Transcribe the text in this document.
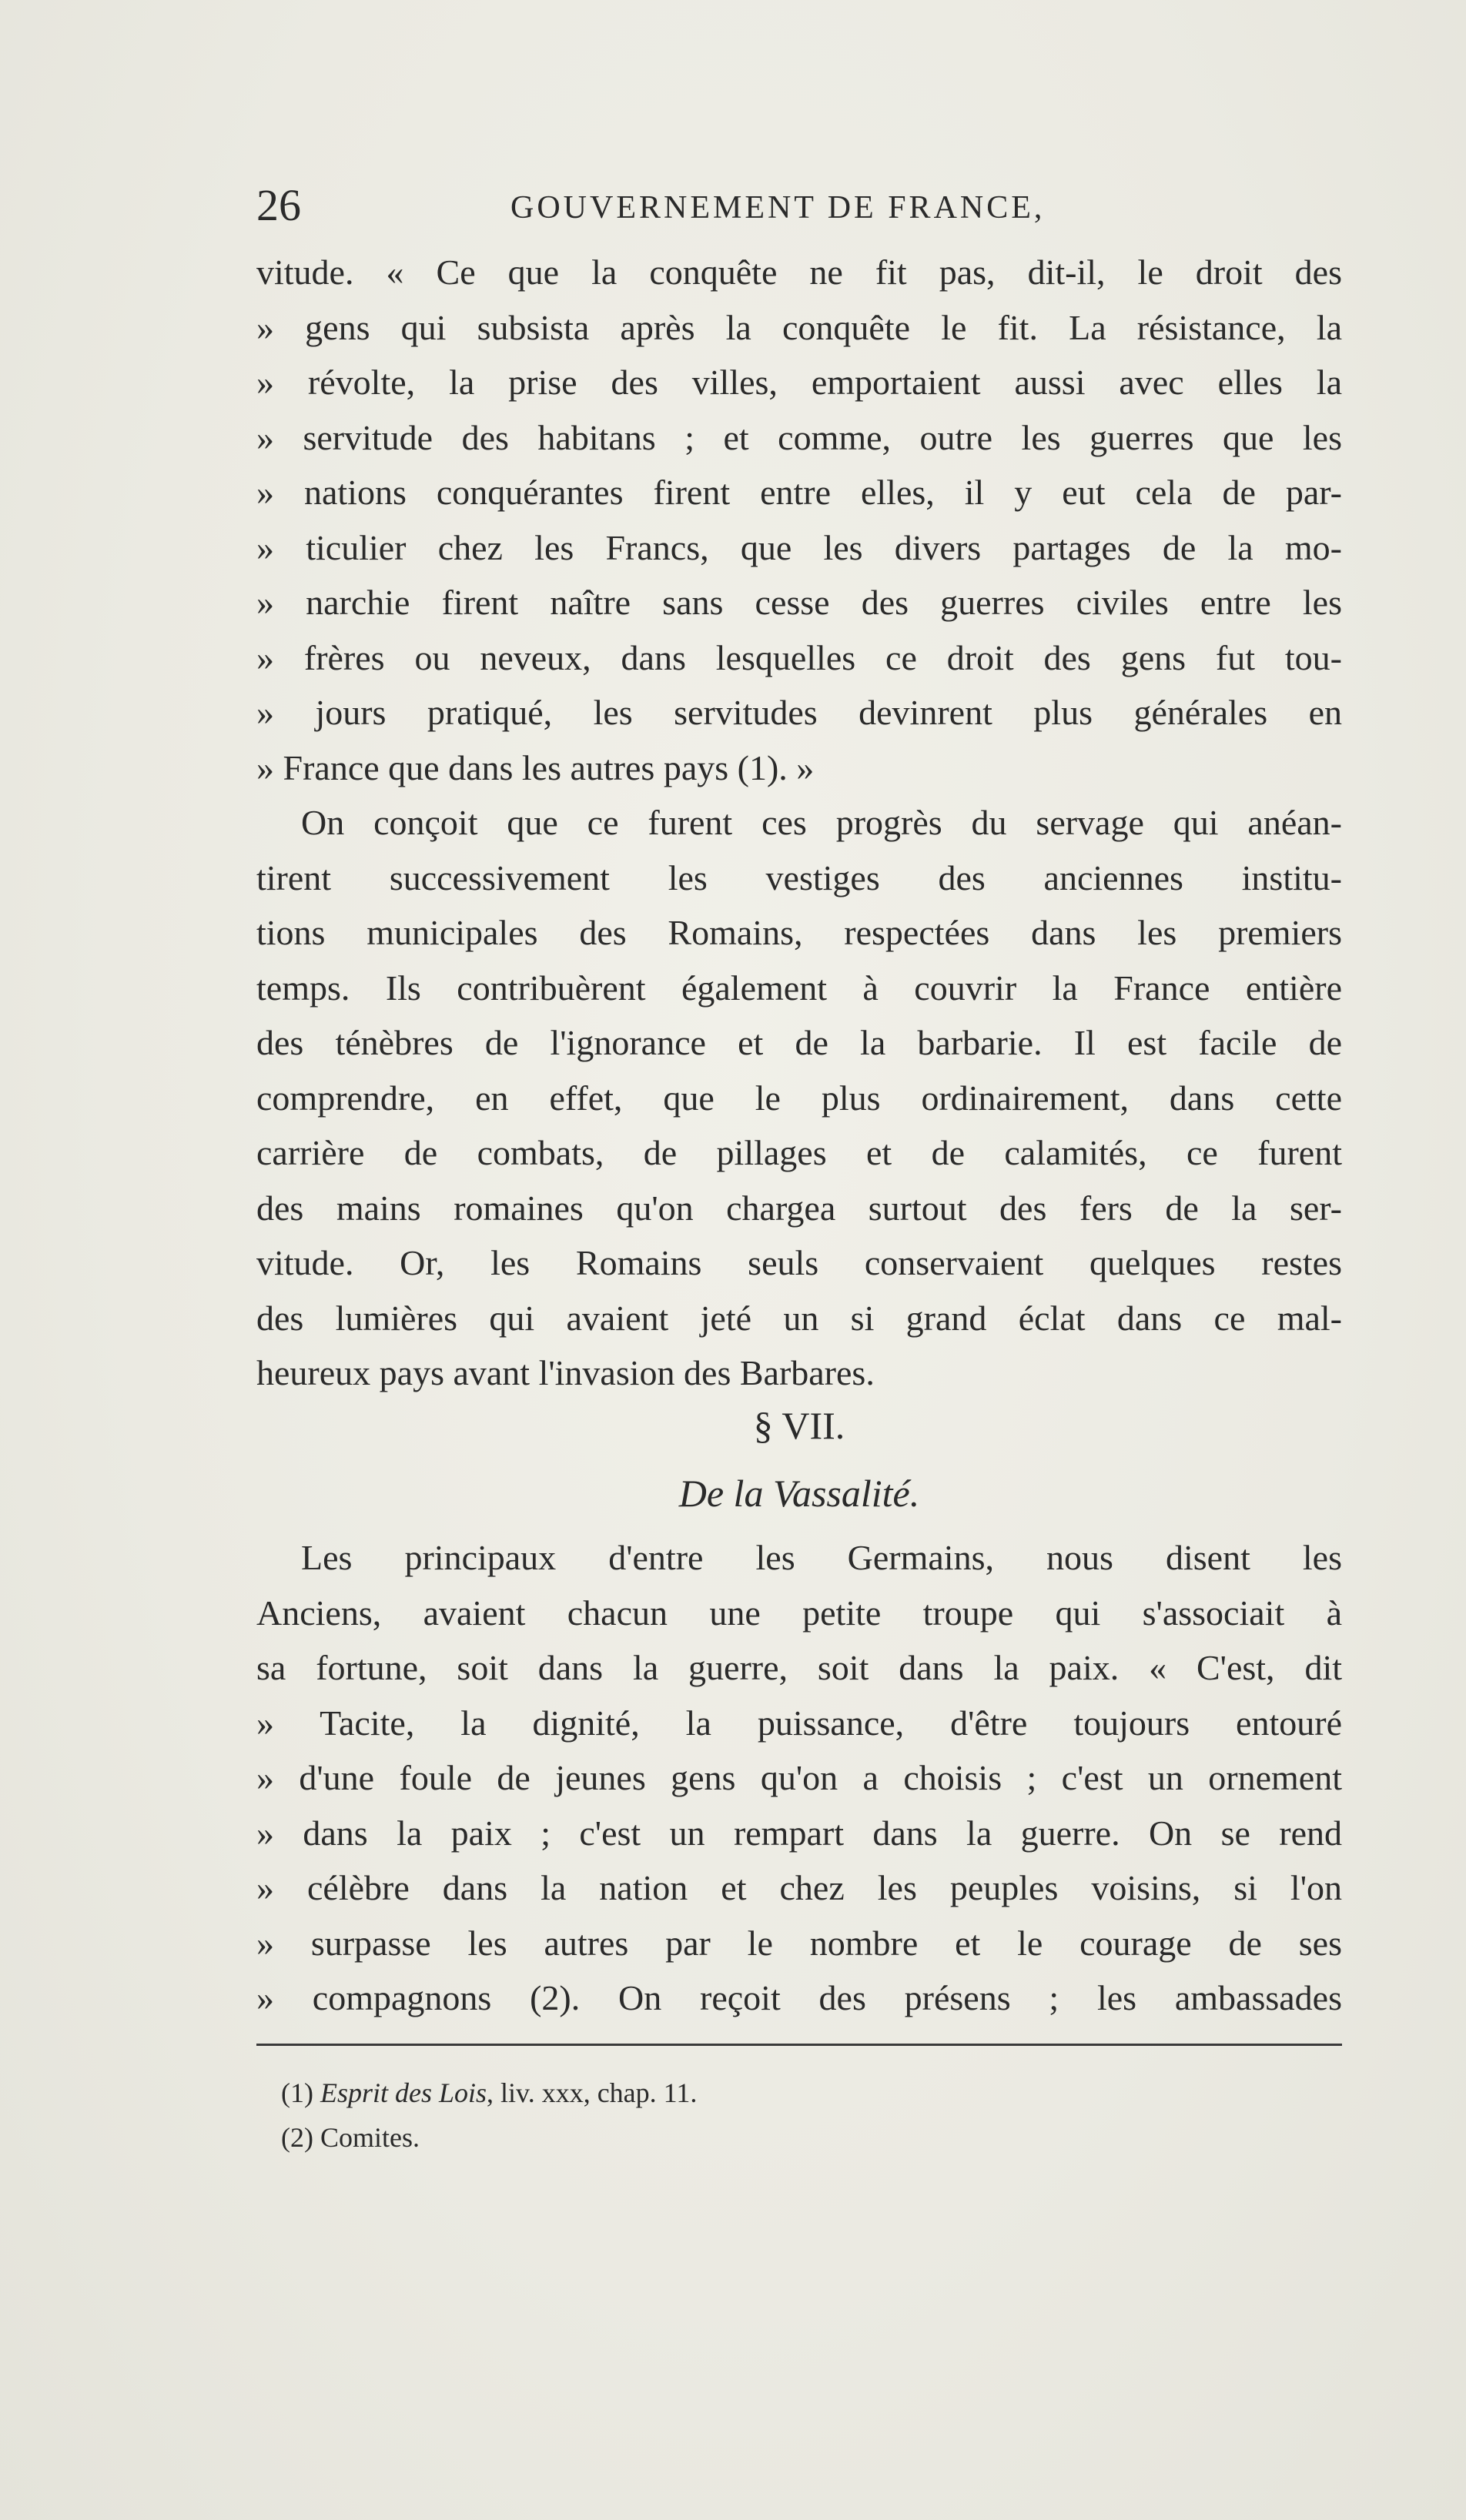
26	GOUVERNEMENT DE FRANCE,
vitude. « Ce que la conquête ne fit pas, dit-il, le droit des
» gens qui subsista après la conquête le fit. La résistance, la
» révolte, la prise des villes, emportaient aussi avec elles la
» servitude des habitans ; et comme, outre les guerres que les
» nations conquérantes firent entre elles, il y eut cela de par-
» ticulier chez les Francs, que les divers partages de la mo-
» narchie firent naître sans cesse des guerres civiles entre les
» frères ou neveux, dans lesquelles ce droit des gens fut tou-
» jours pratiqué, les servitudes devinrent plus générales en
» France que dans les autres pays (1). »
On conçoit que ce furent ces progrès du servage qui anéan-
tirent successivement les vestiges des anciennes institu-
tions municipales des Romains, respectées dans les premiers
temps. Ils contribuèrent également à couvrir la France entière
des ténèbres de l'ignorance et de la barbarie. Il est facile de
comprendre, en effet, que le plus ordinairement, dans cette
carrière de combats, de pillages et de calamités, ce furent
des mains romaines qu'on chargea surtout des fers de la ser-
vitude. Or, les Romains seuls conservaient quelques restes
des lumières qui avaient jeté un si grand éclat dans ce mal-
heureux pays avant l'invasion des Barbares.
§ VII.
De la Vassalité.
Les principaux d'entre les Germains, nous disent les
Anciens, avaient chacun une petite troupe qui s'associait à
sa fortune, soit dans la guerre, soit dans la paix. « C'est, dit
» Tacite, la dignité, la puissance, d'être toujours entouré
» d'une foule de jeunes gens qu'on a choisis ; c'est un ornement
» dans la paix ; c'est un rempart dans la guerre. On se rend
» célèbre dans la nation et chez les peuples voisins, si l'on
» surpasse les autres par le nombre et le courage de ses
» compagnons (2). On reçoit des présens ; les ambassades
(1) Esprit des Lois, liv. xxx, chap. 11.
(2) Comites.
